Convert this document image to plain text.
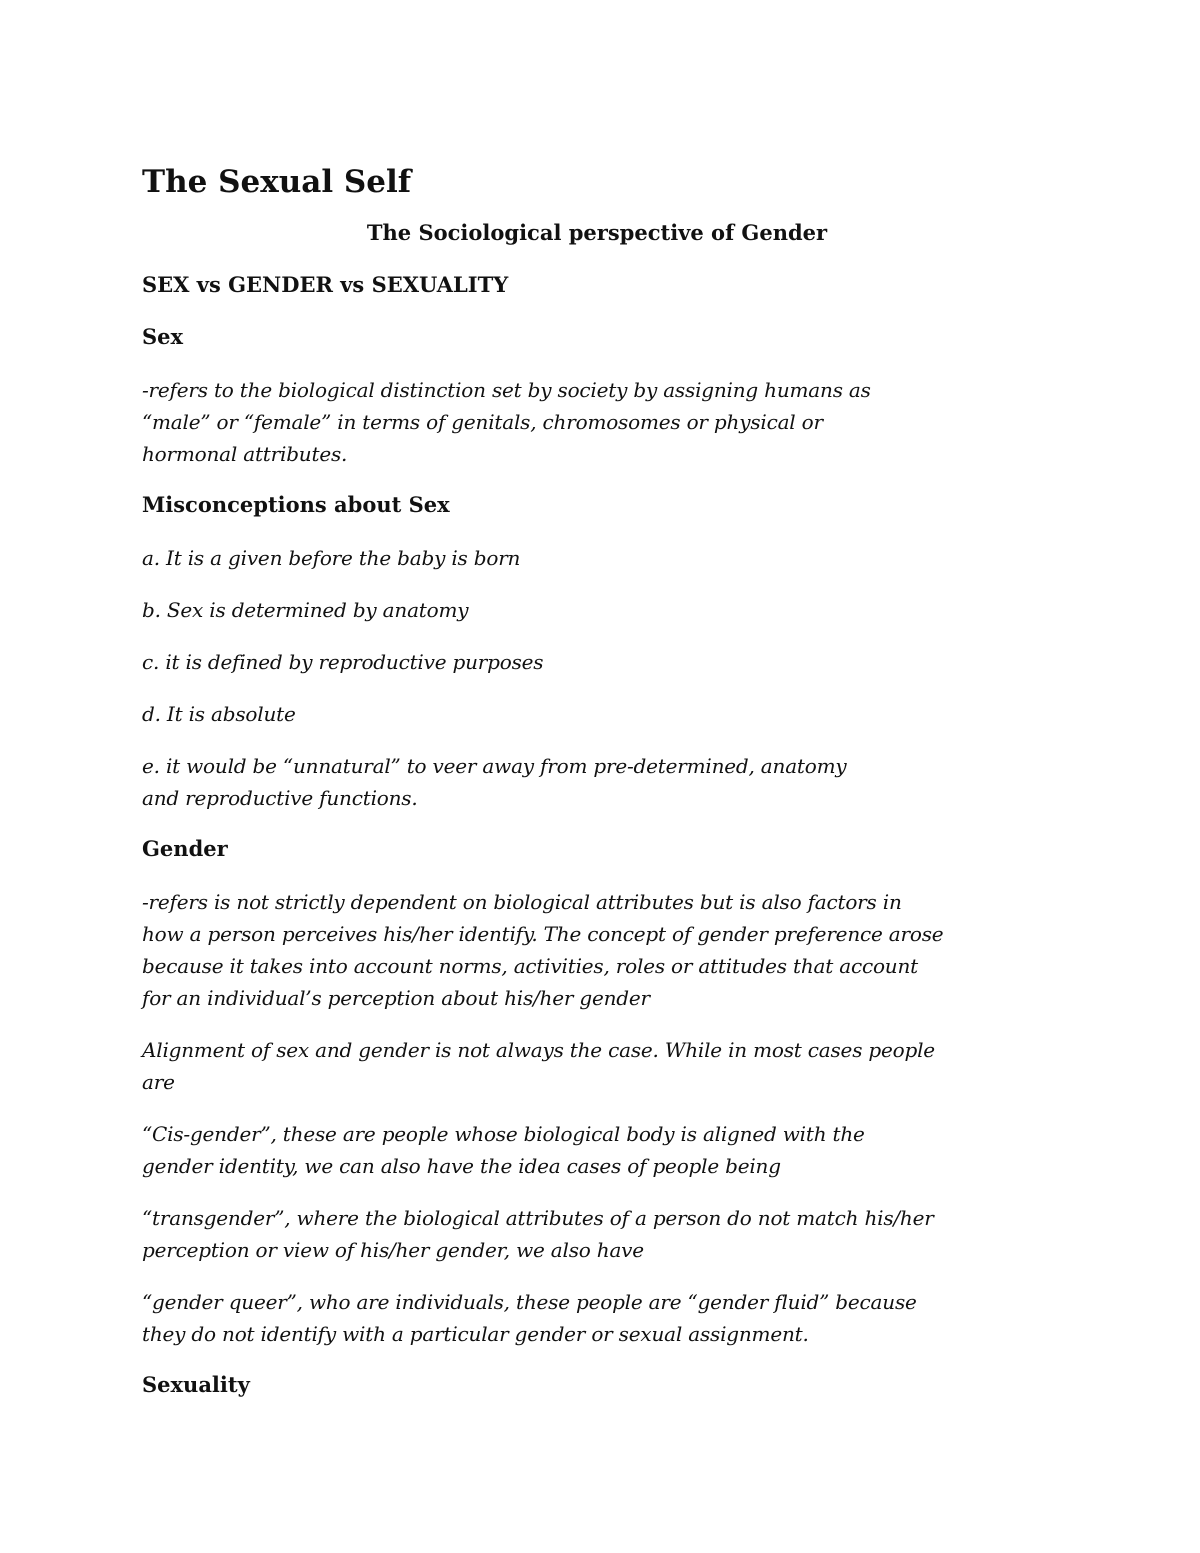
The Sexual Self
The Sociological perspective of Gender
SEX vs GENDER vs SEXUALITY
Sex
-refers to the biological distinction set by society by assigning humans as
“male” or “female” in terms of genitals, chromosomes or physical or
hormonal attributes.
Misconceptions about Sex
a. It is a given before the baby is born
b. Sex is determined by anatomy
c. it is defined by reproductive purposes
d. It is absolute
e. it would be “unnatural” to veer away from pre-determined, anatomy
and reproductive functions.
Gender
-refers is not strictly dependent on biological attributes but is also factors in
how a person perceives his/her identify. The concept of gender preference arose
because it takes into account norms, activities, roles or attitudes that account
for an individual’s perception about his/her gender
Alignment of sex and gender is not always the case. While in most cases people
are
“Cis-gender”, these are people whose biological body is aligned with the
gender identity, we can also have the idea cases of people being
“transgender”, where the biological attributes of a person do not match his/her
perception or view of his/her gender, we also have
“gender queer”, who are individuals, these people are “gender fluid” because
they do not identify with a particular gender or sexual assignment.
Sexuality
